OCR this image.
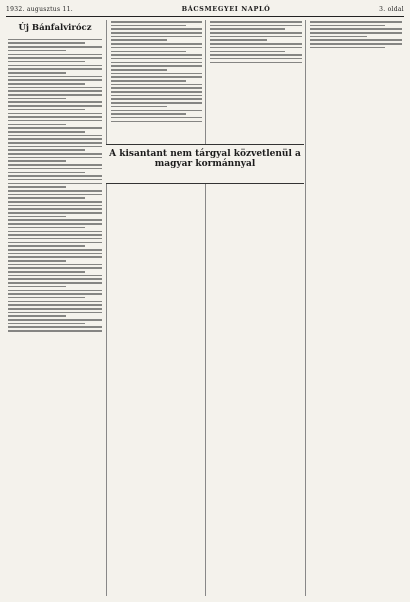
1932. augusztus 11.	BÁCSMEGYEI NAPLÓ	3. oldal
Új Bánfalvirócz
A kisantant nem tárgyal közvetlenül a magyar kormánnyal
